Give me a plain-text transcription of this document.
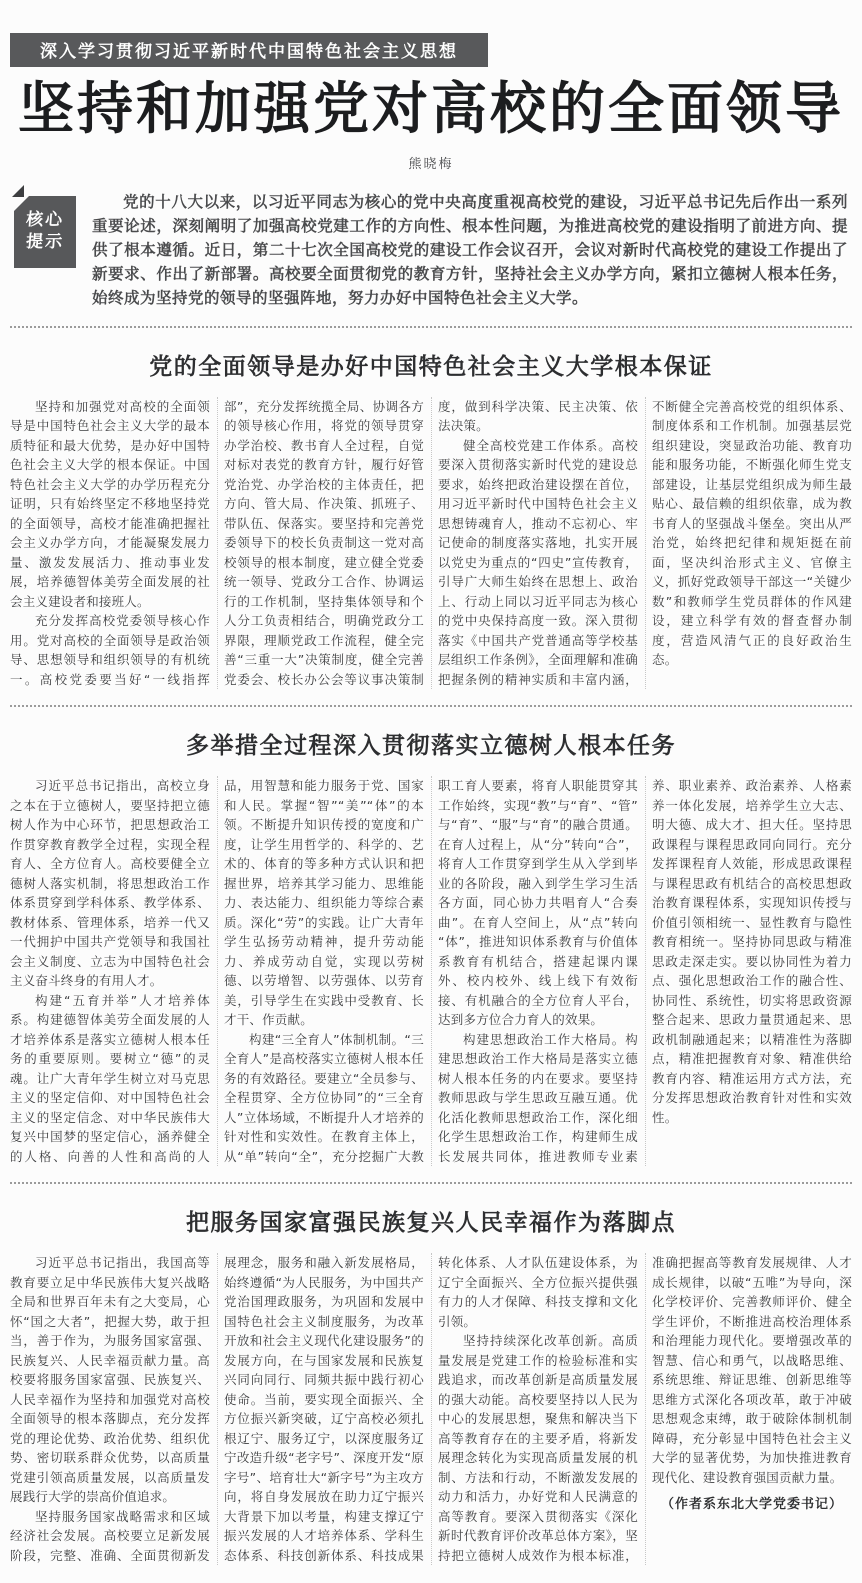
深入学习贯彻习近平新时代中国特色社会主义思想
坚持和加强党对高校的全面领导
熊晓梅
核心
提示
党的十八大以来，以习近平同志为核心的党中央高度重视高校党的建设，习近平总书记先后作出一系列重要论述，深刻阐明了加强高校党建工作的方向性、根本性问题，为推进高校党的建设指明了前进方向、提供了根本遵循。近日，第二十七次全国高校党的建设工作会议召开，会议对新时代高校党的建设工作提出了新要求、作出了新部署。高校要全面贯彻党的教育方针，坚持社会主义办学方向，紧扣立德树人根本任务，始终成为坚持党的领导的坚强阵地，努力办好中国特色社会主义大学。
党的全面领导是办好中国特色社会主义大学根本保证

坚持和加强党对高校的全面领导是中国特色社会主义大学的最本质特征和最大优势，是办好中国特色社会主义大学的根本保证。中国特色社会主义大学的办学历程充分证明，只有始终坚定不移地坚持党的全面领导，高校才能准确把握社会主义办学方向，才能凝聚发展力量、激发发展活力、推动事业发展，培养德智体美劳全面发展的社会主义建设者和接班人。

充分发挥高校党委领导核心作用。党对高校的全面领导是政治领导、思想领导和组织领导的有机统一。高校党委要当好“一线指挥部”，充分发挥统揽全局、协调各方的领导核心作用，将党的领导贯穿办学治校、教书育人全过程，自觉对标对表党的教育方针，履行好管党治党、办学治校的主体责任，把方向、管大局、作决策、抓班子、带队伍、保落实。要坚持和完善党委领导下的校长负责制这一党对高校领导的根本制度，建立健全党委统一领导、党政分工合作、协调运行的工作机制，坚持集体领导和个人分工负责相结合，明确党政分工界限，理顺党政工作流程，健全完善“三重一大”决策制度，健全完善党委会、校长办公会等议事决策制度，做到科学决策、民主决策、依法决策。

健全高校党建工作体系。高校要深入贯彻落实新时代党的建设总要求，始终把政治建设摆在首位，用习近平新时代中国特色社会主义思想铸魂育人，推动不忘初心、牢记使命的制度落实落地，扎实开展以党史为重点的“四史”宣传教育，引导广大师生始终在思想上、政治上、行动上同以习近平同志为核心的党中央保持高度一致。深入贯彻落实《中国共产党普通高等学校基层组织工作条例》，全面理解和准确把握条例的精神实质和丰富内涵，不断健全完善高校党的组织体系、制度体系和工作机制。加强基层党组织建设，突显政治功能、教育功能和服务功能，不断强化师生党支部建设，让基层党组织成为师生最贴心、最信赖的组织依靠，成为教书育人的坚强战斗堡垒。突出从严治党，始终把纪律和规矩挺在前面，坚决纠治形式主义、官僚主义，抓好党政领导干部这一“关键少数”和教师学生党员群体的作风建设，建立科学有效的督查督办制度，营造风清气正的良好政治生态。

多举措全过程深入贯彻落实立德树人根本任务

习近平总书记指出，高校立身之本在于立德树人，要坚持把立德树人作为中心环节，把思想政治工作贯穿教育教学全过程，实现全程育人、全方位育人。高校要健全立德树人落实机制，将思想政治工作体系贯穿到学科体系、教学体系、教材体系、管理体系，培养一代又一代拥护中国共产党领导和我国社会主义制度、立志为中国特色社会主义奋斗终身的有用人才。

构建“五育并举”人才培养体系。构建德智体美劳全面发展的人才培养体系是落实立德树人根本任务的重要原则。要树立“德”的灵魂。让广大青年学生树立对马克思主义的坚定信仰、对中国特色社会主义的坚定信念、对中华民族伟大复兴中国梦的坚定信心，涵养健全的人格、向善的人性和高尚的人品，用智慧和能力服务于党、国家和人民。掌握“智”“美”“体”的本领。不断提升知识传授的宽度和广度，让学生用哲学的、科学的、艺术的、体育的等多种方式认识和把握世界，培养其学习能力、思维能力、表达能力、组织能力等综合素质。深化“劳”的实践。让广大青年学生弘扬劳动精神，提升劳动能力、养成劳动自觉，实现以劳树德、以劳增智、以劳强体、以劳育美，引导学生在实践中受教育、长才干、作贡献。

构建“三全育人”体制机制。“三全育人”是高校落实立德树人根本任务的有效路径。要建立“全员参与、全程贯穿、全方位协同”的“三全育人”立体场域，不断提升人才培养的针对性和实效性。在教育主体上，从“单”转向“全”，充分挖掘广大教职工育人要素，将育人职能贯穿其工作始终，实现“教”与“育”、“管”与“育”、“服”与“育”的融合贯通。在育人过程上，从“分”转向“合”，将育人工作贯穿到学生从入学到毕业的各阶段，融入到学生学习生活各方面，同心协力共唱育人“合奏曲”。在育人空间上，从“点”转向“体”，推进知识体系教育与价值体系教育有机结合，搭建起课内课外、校内校外、线上线下有效衔接、有机融合的全方位育人平台，达到多方位合力育人的效果。

构建思想政治工作大格局。构建思想政治工作大格局是落实立德树人根本任务的内在要求。要坚持教师思政与学生思政互融互通。优化活化教师思想政治工作，深化细化学生思想政治工作，构建师生成长发展共同体，推进教师专业素养、职业素养、政治素养、人格素养一体化发展，培养学生立大志、明大德、成大才、担大任。坚持思政课程与课程思政同向同行。充分发挥课程育人效能，形成思政课程与课程思政有机结合的高校思想政治教育课程体系，实现知识传授与价值引领相统一、显性教育与隐性教育相统一。坚持协同思政与精准思政走深走实。要以协同性为着力点、强化思想政治工作的融合性、协同性、系统性，切实将思政资源整合起来、思政力量贯通起来、思政机制融通起来；以精准性为落脚点，精准把握教育对象、精准供给教育内容、精准运用方式方法，充分发挥思想政治教育针对性和实效性。

把服务国家富强民族复兴人民幸福作为落脚点

习近平总书记指出，我国高等教育要立足中华民族伟大复兴战略全局和世界百年未有之大变局，心怀“国之大者”，把握大势，敢于担当，善于作为，为服务国家富强、民族复兴、人民幸福贡献力量。高校要将服务国家富强、民族复兴、人民幸福作为坚持和加强党对高校全面领导的根本落脚点，充分发挥党的理论优势、政治优势、组织优势、密切联系群众优势，以高质量党建引领高质量发展，以高质量发展践行大学的崇高价值追求。

坚持服务国家战略需求和区域经济社会发展。高校要立足新发展阶段，完整、准确、全面贯彻新发展理念，服务和融入新发展格局，始终遵循“为人民服务，为中国共产党治国理政服务，为巩固和发展中国特色社会主义制度服务，为改革开放和社会主义现代化建设服务”的发展方向，在与国家发展和民族复兴同向同行、同频共振中践行初心使命。当前，要实现全面振兴、全方位振兴新突破，辽宁高校必须扎根辽宁、服务辽宁，以深度服务辽宁改造升级“老字号”、深度开发“原字号”、培育壮大“新字号”为主攻方向，将自身发展放在助力辽宁振兴大背景下加以考量，构建支撑辽宁振兴发展的人才培养体系、学科生态体系、科技创新体系、科技成果转化体系、人才队伍建设体系，为辽宁全面振兴、全方位振兴提供强有力的人才保障、科技支撑和文化引领。

坚持持续深化改革创新。高质量发展是党建工作的检验标准和实践追求，而改革创新是高质量发展的强大动能。高校要坚持以人民为中心的发展思想，聚焦和解决当下高等教育存在的主要矛盾，将新发展理念转化为实现高质量发展的机制、方法和行动，不断激发发展的动力和活力，办好党和人民满意的高等教育。要深入贯彻落实《深化新时代教育评价改革总体方案》，坚持把立德树人成效作为根本标准，准确把握高等教育发展规律、人才成长规律，以破“五唯”为导向，深化学校评价、完善教师评价、健全学生评价，不断推进高校治理体系和治理能力现代化。要增强改革的智慧、信心和勇气，以战略思维、系统思维、辩证思维、创新思维等思维方式深化各项改革，敢于冲破思想观念束缚，敢于破除体制机制障碍，充分彰显中国特色社会主义大学的显著优势，为加快推进教育现代化、建设教育强国贡献力量。

（作者系东北大学党委书记）
